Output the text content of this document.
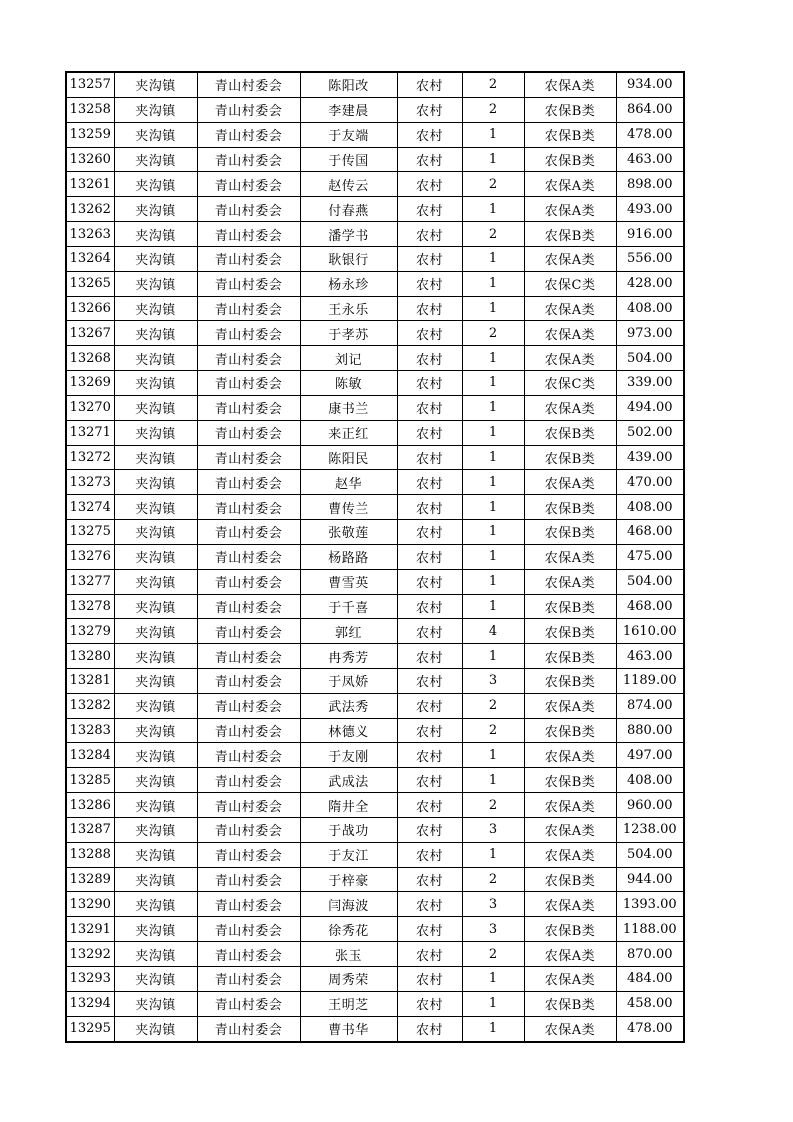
13257	夹沟镇	青山村委会	陈阳改	农村	2	农保A类	934.00
13258	夹沟镇	青山村委会	李建晨	农村	2	农保B类	864.00
13259	夹沟镇	青山村委会	于友端	农村	1	农保B类	478.00
13260	夹沟镇	青山村委会	于传国	农村	1	农保B类	463.00
13261	夹沟镇	青山村委会	赵传云	农村	2	农保A类	898.00
13262	夹沟镇	青山村委会	付春燕	农村	1	农保A类	493.00
13263	夹沟镇	青山村委会	潘学书	农村	2	农保B类	916.00
13264	夹沟镇	青山村委会	耿银行	农村	1	农保A类	556.00
13265	夹沟镇	青山村委会	杨永珍	农村	1	农保C类	428.00
13266	夹沟镇	青山村委会	王永乐	农村	1	农保A类	408.00
13267	夹沟镇	青山村委会	于孝苏	农村	2	农保A类	973.00
13268	夹沟镇	青山村委会	刘记	农村	1	农保A类	504.00
13269	夹沟镇	青山村委会	陈敏	农村	1	农保C类	339.00
13270	夹沟镇	青山村委会	康书兰	农村	1	农保A类	494.00
13271	夹沟镇	青山村委会	来正红	农村	1	农保B类	502.00
13272	夹沟镇	青山村委会	陈阳民	农村	1	农保B类	439.00
13273	夹沟镇	青山村委会	赵华	农村	1	农保A类	470.00
13274	夹沟镇	青山村委会	曹传兰	农村	1	农保B类	408.00
13275	夹沟镇	青山村委会	张敬莲	农村	1	农保B类	468.00
13276	夹沟镇	青山村委会	杨路路	农村	1	农保A类	475.00
13277	夹沟镇	青山村委会	曹雪英	农村	1	农保A类	504.00
13278	夹沟镇	青山村委会	于千喜	农村	1	农保B类	468.00
13279	夹沟镇	青山村委会	郭红	农村	4	农保B类	1610.00
13280	夹沟镇	青山村委会	冉秀芳	农村	1	农保B类	463.00
13281	夹沟镇	青山村委会	于凤娇	农村	3	农保B类	1189.00
13282	夹沟镇	青山村委会	武法秀	农村	2	农保A类	874.00
13283	夹沟镇	青山村委会	林德义	农村	2	农保B类	880.00
13284	夹沟镇	青山村委会	于友刚	农村	1	农保A类	497.00
13285	夹沟镇	青山村委会	武成法	农村	1	农保B类	408.00
13286	夹沟镇	青山村委会	隋井全	农村	2	农保A类	960.00
13287	夹沟镇	青山村委会	于战功	农村	3	农保A类	1238.00
13288	夹沟镇	青山村委会	于友江	农村	1	农保A类	504.00
13289	夹沟镇	青山村委会	于梓豪	农村	2	农保B类	944.00
13290	夹沟镇	青山村委会	闫海波	农村	3	农保A类	1393.00
13291	夹沟镇	青山村委会	徐秀花	农村	3	农保B类	1188.00
13292	夹沟镇	青山村委会	张玉	农村	2	农保A类	870.00
13293	夹沟镇	青山村委会	周秀荣	农村	1	农保A类	484.00
13294	夹沟镇	青山村委会	王明芝	农村	1	农保B类	458.00
13295	夹沟镇	青山村委会	曹书华	农村	1	农保A类	478.00
